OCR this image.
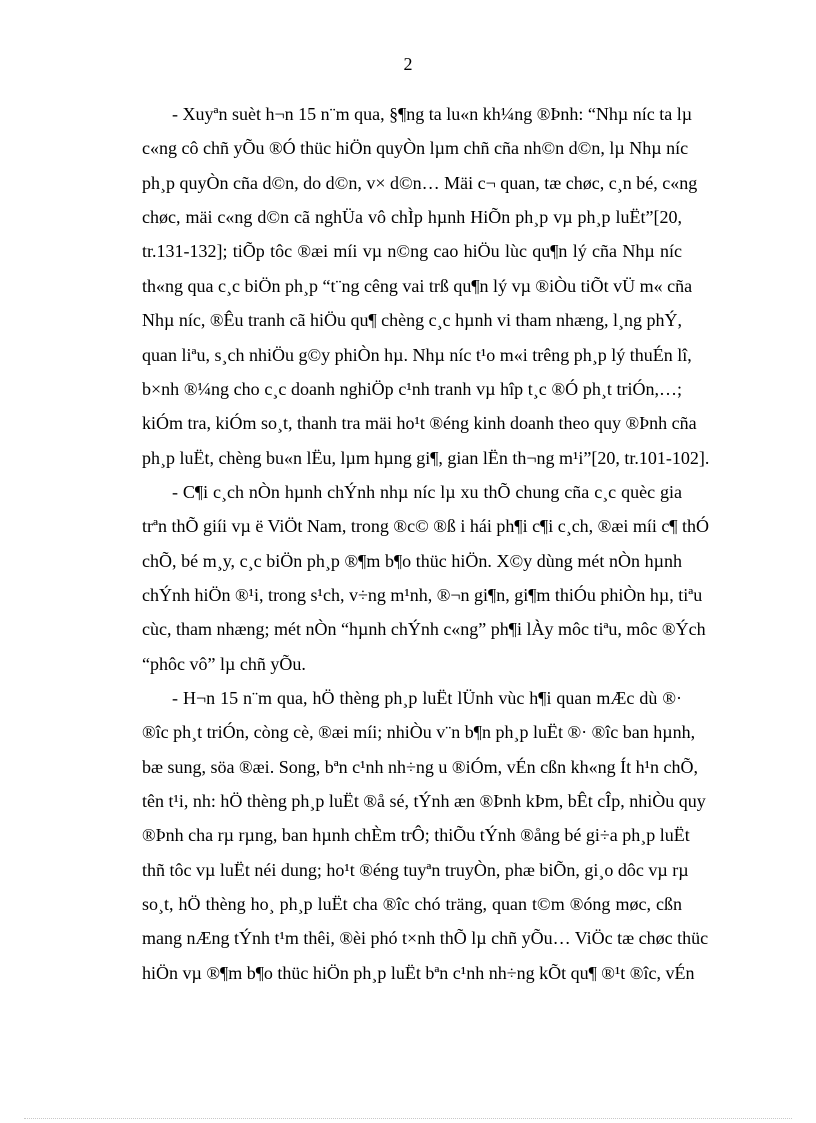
2
- Xuyªn suèt h¬n 15 n¨m qua, §¶ng ta lu«n kh¼ng ®Þnh: “Nhµ níc ta lµ
c«ng cô chñ yÕu ®Ó thüc hiÖn quyÒn lµm chñ cña nh©n d©n, lµ Nhµ níc
ph¸p quyÒn cña d©n, do d©n, v× d©n… Mäi c¬ quan, tæ chøc, c¸n bé, c«ng
chøc, mäi c«ng d©n cã nghÜa vô chÌp hµnh HiÕn ph¸p vµ ph¸p luËt”[20,
tr.131-132]; tiÕp tôc ®æi míi vµ n©ng cao hiÖu lùc qu¶n lý cña Nhµ níc
th«ng qua c¸c biÖn ph¸p “t¨ng cêng vai trß qu¶n lý vµ ®iÒu tiÕt vÜ m« cña
Nhµ níc, ®Êu tranh cã hiÖu qu¶ chèng c¸c hµnh vi tham nhæng, l¸ng phÝ,
quan liªu, s¸ch nhiÖu g©y phiÒn hµ. Nhµ níc t¹o m«i trêng ph¸p lý thuÉn lî,
b×nh ®¼ng cho c¸c doanh nghiÖp c¹nh tranh vµ hîp t¸c ®Ó ph¸t triÓn,…;
kiÓm tra, kiÓm so¸t, thanh tra mäi ho¹t ®éng kinh doanh theo quy ®Þnh cña
ph¸p luËt, chèng bu«n lËu, lµm hµng gi¶, gian lËn th¬ng m¹i”[20, tr.101-102].
- C¶i c¸ch nÒn hµnh chÝnh nhµ níc lµ xu thÕ chung cña c¸c quèc gia
trªn thÕ giíi vµ ë ViÖt Nam, trong ®c© ®ß i hái ph¶i c¶i c¸ch, ®æi míi c¶ thÓ
chÕ, bé m¸y, c¸c biÖn ph¸p ®¶m b¶o thüc hiÖn. X©y dùng mét nÒn hµnh
chÝnh hiÖn ®¹i, trong s¹ch, v÷ng m¹nh, ®¬n gi¶n, gi¶m thiÓu phiÒn hµ, tiªu
cùc, tham nhæng; mét nÒn “hµnh chÝnh c«ng” ph¶i lÀy môc tiªu, môc ®Ých
“phôc vô” lµ chñ yÕu.
- H¬n 15 n¨m qua, hÖ thèng ph¸p luËt lÜnh vùc h¶i quan mÆc dù ®·
®îc ph¸t triÓn, còng cè, ®æi míi; nhiÒu v¨n b¶n ph¸p luËt ®· ®îc ban hµnh,
bæ sung, söa ®æi. Song, bªn c¹nh nh÷ng u ®iÓm, vÉn cßn kh«ng Ít h¹n chÕ,
tên t¹i, nh: hÖ thèng ph¸p luËt ®å sé, tÝnh æn ®Þnh kÞm, bÊt cÎp, nhiÒu quy
®Þnh cha rµ rµng, ban hµnh chÈm trÔ; thiÕu tÝnh ®ång bé gi÷a ph¸p luËt
thñ tôc vµ luËt néi dung; ho¹t ®éng tuyªn truyÒn, phæ biÕn, gi¸o dôc vµ rµ
so¸t, hÖ thèng ho¸ ph¸p luËt cha ®îc chó träng, quan t©m ®óng møc, cßn
mang nÆng tÝnh t¹m thêi, ®èi phó t×nh thÕ lµ chñ yÕu… ViÖc tæ chøc thüc
hiÖn vµ ®¶m b¶o thüc hiÖn ph¸p luËt bªn c¹nh nh÷ng kÕt qu¶ ®¹t ®îc, vÉn
